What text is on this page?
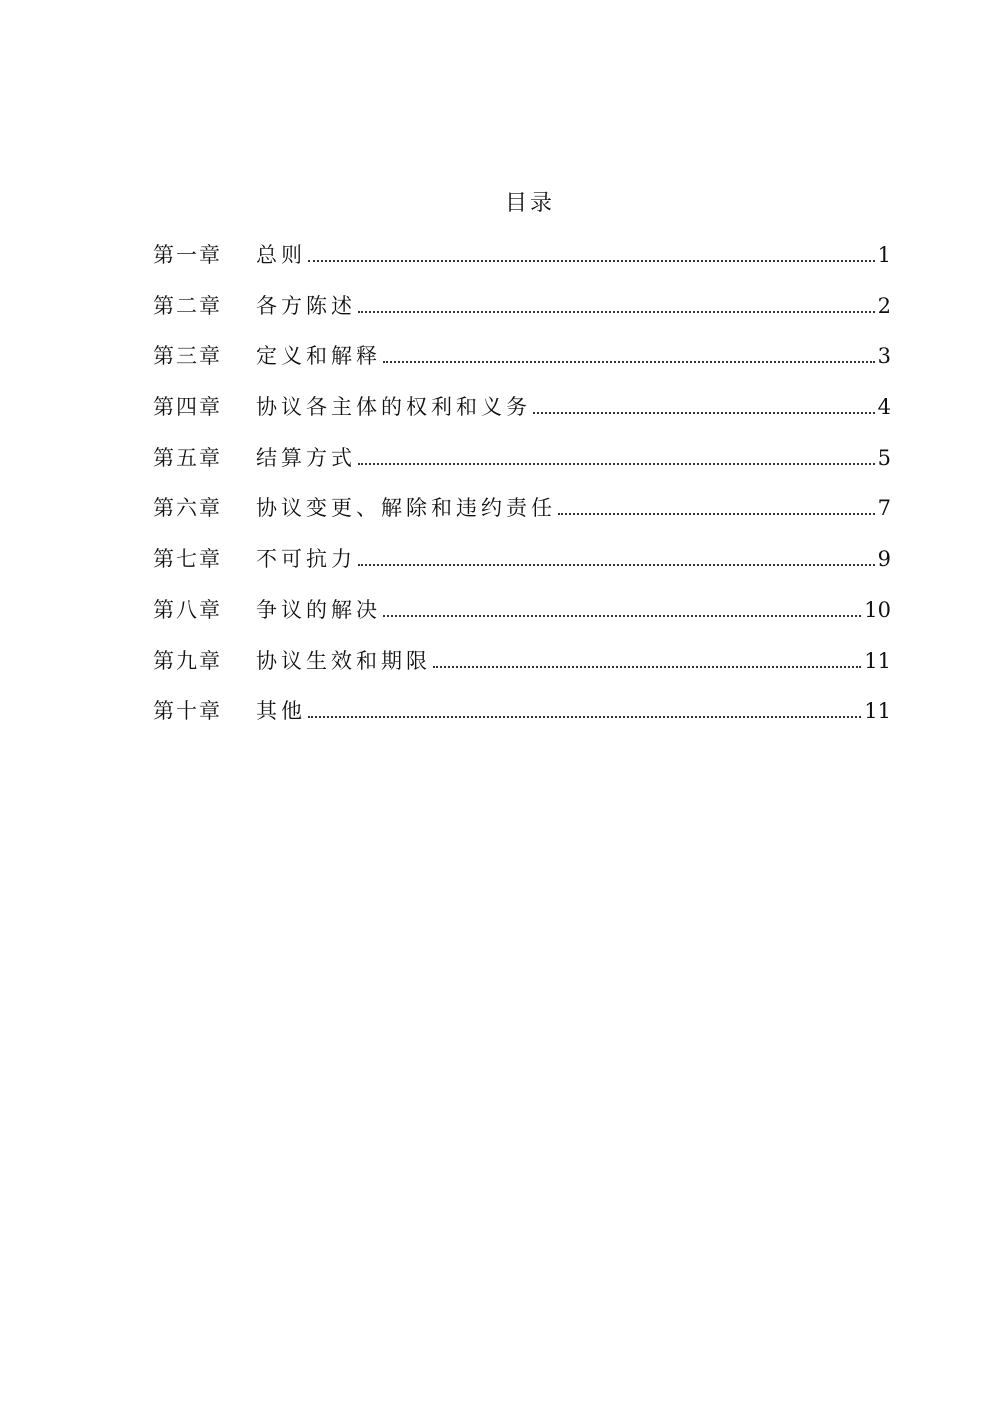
目录
第一章	总则	1
第二章	各方陈述	2
第三章	定义和解释	3
第四章	协议各主体的权利和义务	4
第五章	结算方式	5
第六章	协议变更、解除和违约责任	7
第七章	不可抗力	9
第八章	争议的解决	10
第九章	协议生效和期限	11
第十章	其他	11
